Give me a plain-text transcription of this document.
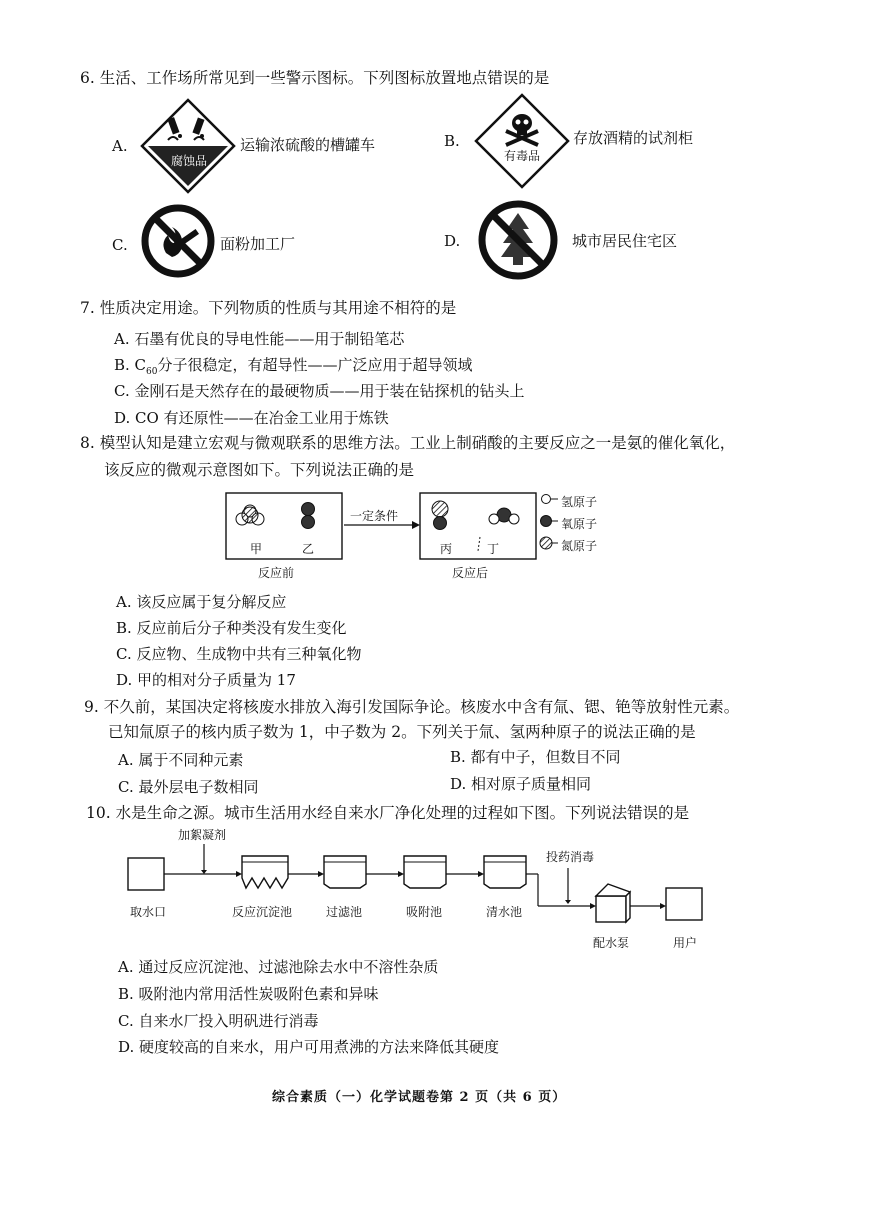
6. 生活、工作场所常见到一些警示图标。下列图标放置地点错误的是
A.
腐蚀品
运输浓硫酸的槽罐车	B.
有毒品
存放酒精的试剂柜
C.	面粉加工厂	D.	城市居民住宅区
7. 性质决定用途。下列物质的性质与其用途不相符的是
A. 石墨有优良的导电性能——用于制铅笔芯
B. $C_{60}$分子很稳定，有超导性——广泛应用于超导领域
C. 金刚石是天然存在的最硬物质——用于装在钻探机的钻头上
D. CO 有还原性——在冶金工业用于炼铁
8. 模型认知是建立宏观与微观联系的思维方法。工业上制硝酸的主要反应之一是氨的催化氧化，
该反应的微观示意图如下。下列说法正确的是
甲	乙
一定条件
丙	丁
氢原子
氧原子
氮原子
反应前	反应后
A. 该反应属于复分解反应
B. 反应前后分子种类没有发生变化
C. 反应物、生成物中共有三种氧化物
D. 甲的相对分子质量为 17
9. 不久前，某国决定将核废水排放入海引发国际争论。核废水中含有氚、锶、铯等放射性元素。
已知氚原子的核内质子数为 1，中子数为 2。下列关于氚、氢两种原子的说法正确的是
A. 属于不同种元素	B. 都有中子，但数目不同
C. 最外层电子数相同	D. 相对原子质量相同
10. 水是生命之源。城市生活用水经自来水厂净化处理的过程如下图。下列说法错误的是
加絮凝剂
投药消毒
取水口	反应沉淀池	过滤池	吸附池	清水池
配水泵	用户
A. 通过反应沉淀池、过滤池除去水中不溶性杂质
B. 吸附池内常用活性炭吸附色素和异味
C. 自来水厂投入明矾进行消毒
D. 硬度较高的自来水，用户可用煮沸的方法来降低其硬度
综合素质（一）化学试题卷第 2 页（共 6 页）
